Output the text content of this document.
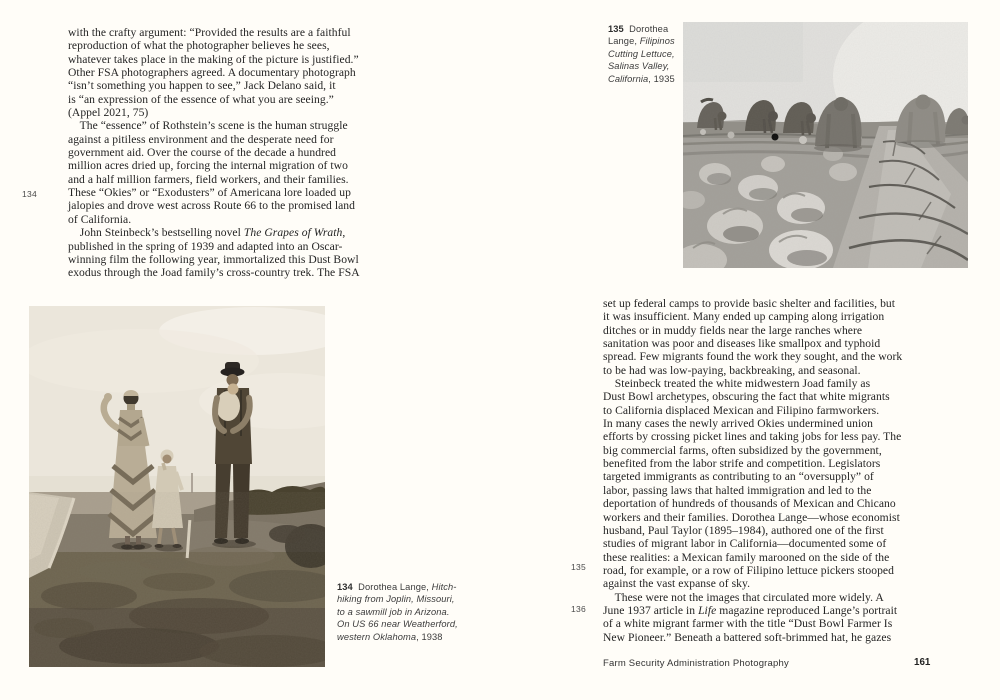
134
with the crafty argument: “Provided the results are a faithful
reproduction of what the photographer believes he sees,
whatever takes place in the making of the picture is justified.”
Other FSA photographers agreed. A documentary photograph
“isn’t something you happen to see,” Jack Delano said, it
is “an expression of the essence of what you are seeing.”
(Appel 2021, 75)
The “essence” of Rothstein’s scene is the human struggle
against a pitiless environment and the desperate need for
government aid. Over the course of the decade a hundred
million acres dried up, forcing the internal migration of two
and a half million farmers, field workers, and their families.
These “Okies” or “Exodusters” of Americana lore loaded up
jalopies and drove west across Route 66 to the promised land
of California.
John Steinbeck’s bestselling novel The Grapes of Wrath,
published in the spring of 1939 and adapted into an Oscar-
winning film the following year, immortalized this Dust Bowl
exodus through the Joad family’s cross-country trek. The FSA
134  Dorothea Lange, Hitch-
hiking from Joplin, Missouri,
to a sawmill job in Arizona.
On US 66 near Weatherford,
western Oklahoma, 1938
135  Dorothea
Lange, Filipinos
Cutting Lettuce,
Salinas Valley,
California, 1935
135
136
set up federal camps to provide basic shelter and facilities, but
it was insufficient. Many ended up camping along irrigation
ditches or in muddy fields near the large ranches where
sanitation was poor and diseases like smallpox and typhoid
spread. Few migrants found the work they sought, and the work
to be had was low-paying, backbreaking, and seasonal.
Steinbeck treated the white midwestern Joad family as
Dust Bowl archetypes, obscuring the fact that white migrants
to California displaced Mexican and Filipino farmworkers.
In many cases the newly arrived Okies undermined union
efforts by crossing picket lines and taking jobs for less pay. The
big commercial farms, often subsidized by the government,
benefited from the labor strife and competition. Legislators
targeted immigrants as contributing to an “oversupply” of
labor, passing laws that halted immigration and led to the
deportation of hundreds of thousands of Mexican and Chicano
workers and their families. Dorothea Lange—whose economist
husband, Paul Taylor (1895–1984), authored one of the first
studies of migrant labor in California—documented some of
these realities: a Mexican family marooned on the side of the
road, for example, or a row of Filipino lettuce pickers stooped
against the vast expanse of sky.
These were not the images that circulated more widely. A
June 1937 article in Life magazine reproduced Lange’s portrait
of a white migrant farmer with the title “Dust Bowl Farmer Is
New Pioneer.” Beneath a battered soft-brimmed hat, he gazes
Farm Security Administration Photography	161
